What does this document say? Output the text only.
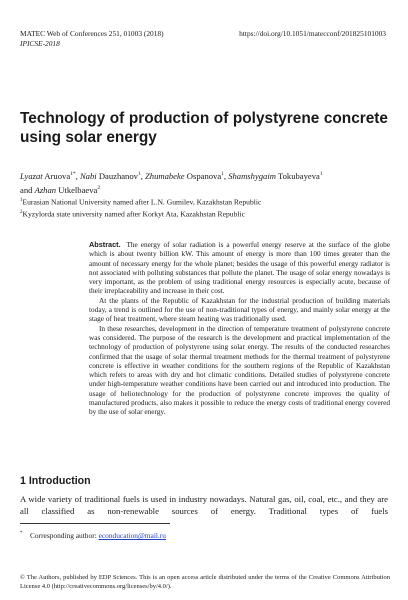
MATEC Web of Conferences 251, 01003 (2018)
IPICSE-2018
https://doi.org/10.1051/matecconf/201825101003
Technology of production of polystyrene concrete using solar energy
Lyazat Aruova$^{1*}$, Nabi Dauzhanov$^1$, Zhumabeke Ospanova$^1$, Shamshygaim Tokubayeva$^1$
and Azhan Utkelbaeva$^2$
$^1$Eurasian National University named after L.N. Gumilev, Kazakhstan Republic
$^2$Kyzylorda state university named after Korkyt Ata, Kazakhstan Republic

Abstract. The energy of solar radiation is a powerful energy reserve at the surface of the globe which is about twenty billion kW. This amount of energy is more than 100 times greater than the amount of necessary energy for the whole planet; besides the usage of this powerful energy radiator is not associated with polluting substances that pollute the planet. The usage of solar energy nowadays is very important, as the problem of using traditional energy resources is especially acute, because of their irreplaceability and increase in their cost.

At the plants of the Republic of Kazakhstan for the industrial production of building materials today, a trend is outlined for the use of non-traditional types of energy, and mainly solar energy at the stage of heat treatment, where steam heating was traditionally used.

In these researches, development in the direction of temperature treatment of polystyrene concrete was considered. The purpose of the research is the development and practical implementation of the technology of production of polystyrene using solar energy. The results of the conducted researches confirmed that the usage of solar thermal treatment methods for the thermal treatment of polystyrene concrete is effective in weather conditions for the southern regions of the Republic of Kazakhstan which refers to areas with dry and hot climatic conditions. Detailed studies of polystyrene concrete under high-temperature weather conditions have been carried out and introduced into production. The usage of heliotechnology for the production of polystyrene concrete improves the quality of manufactured products, also makes it possible to reduce the energy costs of traditional energy covered by the use of solar energy.

1 Introduction

A wide variety of traditional fuels is used in industry nowadays. Natural gas, oil, coal, etc., and they are all classified as non-renewable sources of energy. Traditional types of fuels

* Corresponding author: econducation@mail.ru
© The Authors, published by EDP Sciences. This is an open access article distributed under the terms of the Creative Commons Attribution License 4.0 (http://creativecommons.org/licenses/by/4.0/).
